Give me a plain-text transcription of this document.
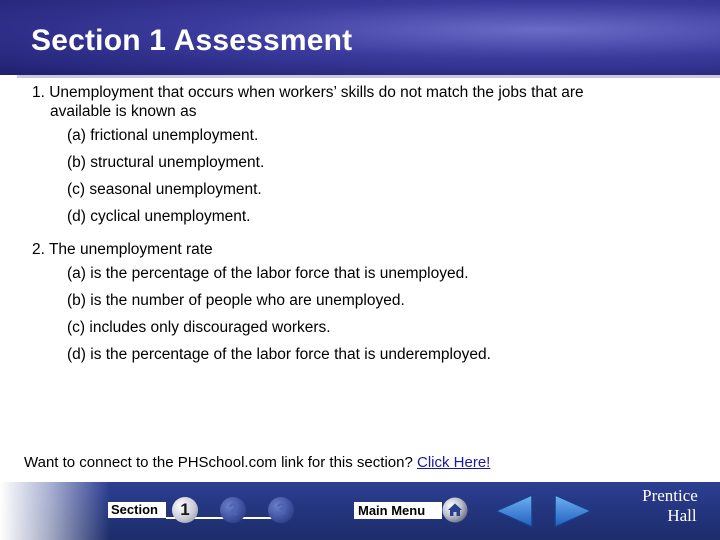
Section 1 Assessment
1. Unemployment that occurs when workers’ skills do not match the jobs that are
available is known as
(a) frictional unemployment.
(b) structural unemployment.
(c) seasonal unemployment.
(d) cyclical unemployment.
2. The unemployment rate
(a) is the percentage of the labor force that is unemployed.
(b) is the number of people who are unemployed.
(c) includes only discouraged workers.
(d) is the percentage of the labor force that is underemployed.
Want to connect to the PHSchool.com link for this section? Click Here!
Section	1	2	3	Main Menu
Prentice
Hall
